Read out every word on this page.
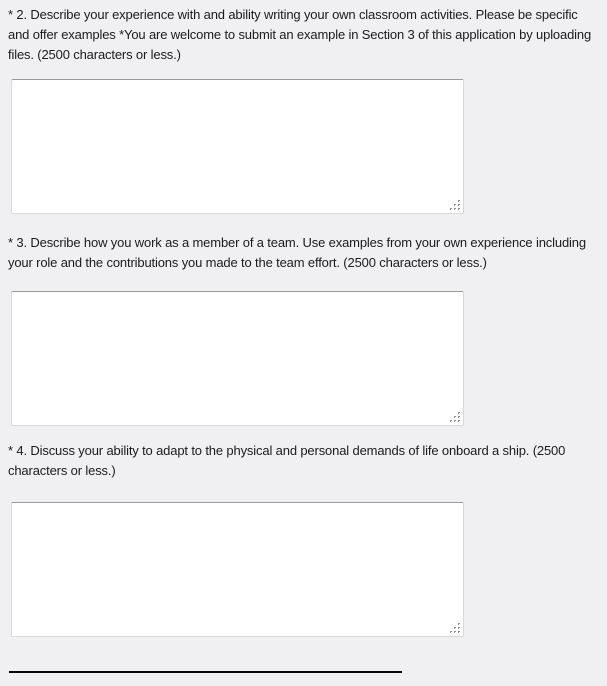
* 2. Describe your experience with and ability writing your own classroom activities. Please be specific and offer examples *You are welcome to submit an example in Section 3 of this application by uploading files. (2500 characters or less.)
* 3. Describe how you work as a member of a team. Use examples from your own experience including your role and the contributions you made to the team effort. (2500 characters or less.)
* 4. Discuss your ability to adapt to the physical and personal demands of life onboard a ship. (2500 characters or less.)
